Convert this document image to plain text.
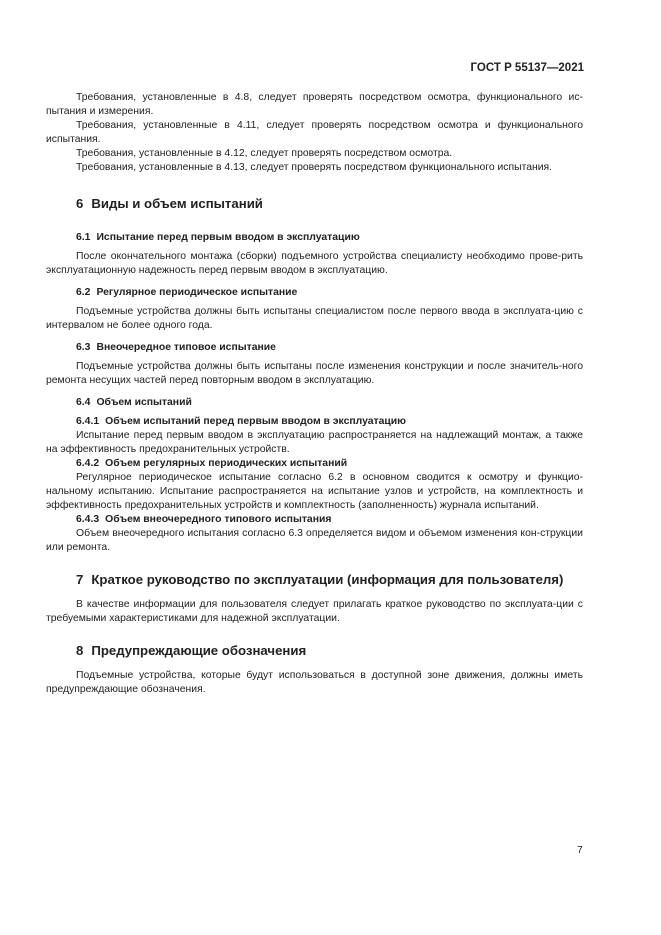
ГОСТ Р 55137—2021

Требования, установленные в 4.8, следует проверять посредством осмотра, функционального ис-пытания и измерения.

Требования, установленные в 4.11, следует проверять посредством осмотра и функционального испытания.

Требования, установленные в 4.12, следует проверять посредством осмотра.

Требования, установленные в 4.13, следует проверять посредством функционального испытания.

6 Виды и объем испытаний

6.1 Испытание перед первым вводом в эксплуатацию

После окончательного монтажа (сборки) подъемного устройства специалисту необходимо прове-рить эксплуатационную надежность перед первым вводом в эксплуатацию.

6.2 Регулярное периодическое испытание

Подъемные устройства должны быть испытаны специалистом после первого ввода в эксплуата-цию с интервалом не более одного года.

6.3 Внеочередное типовое испытание

Подъемные устройства должны быть испытаны после изменения конструкции и после значитель-ного ремонта несущих частей перед повторным вводом в эксплуатацию.

6.4 Объем испытаний

6.4.1 Объем испытаний перед первым вводом в эксплуатацию

Испытание перед первым вводом в эксплуатацию распространяется на надлежащий монтаж, а также на эффективность предохранительных устройств.

6.4.2 Объем регулярных периодических испытаний

Регулярное периодическое испытание согласно 6.2 в основном сводится к осмотру и функцио-нальному испытанию. Испытание распространяется на испытание узлов и устройств, на комплектность и эффективность предохранительных устройств и комплектность (заполненность) журнала испытаний.

6.4.3 Объем внеочередного типового испытания

Объем внеочередного испытания согласно 6.3 определяется видом и объемом изменения кон-струкции или ремонта.

7 Краткое руководство по эксплуатации (информация для пользователя)

В качестве информации для пользователя следует прилагать краткое руководство по эксплуата-ции с требуемыми характеристиками для надежной эксплуатации.

8 Предупреждающие обозначения

Подъемные устройства, которые будут использоваться в доступной зоне движения, должны иметь предупреждающие обозначения.

7
